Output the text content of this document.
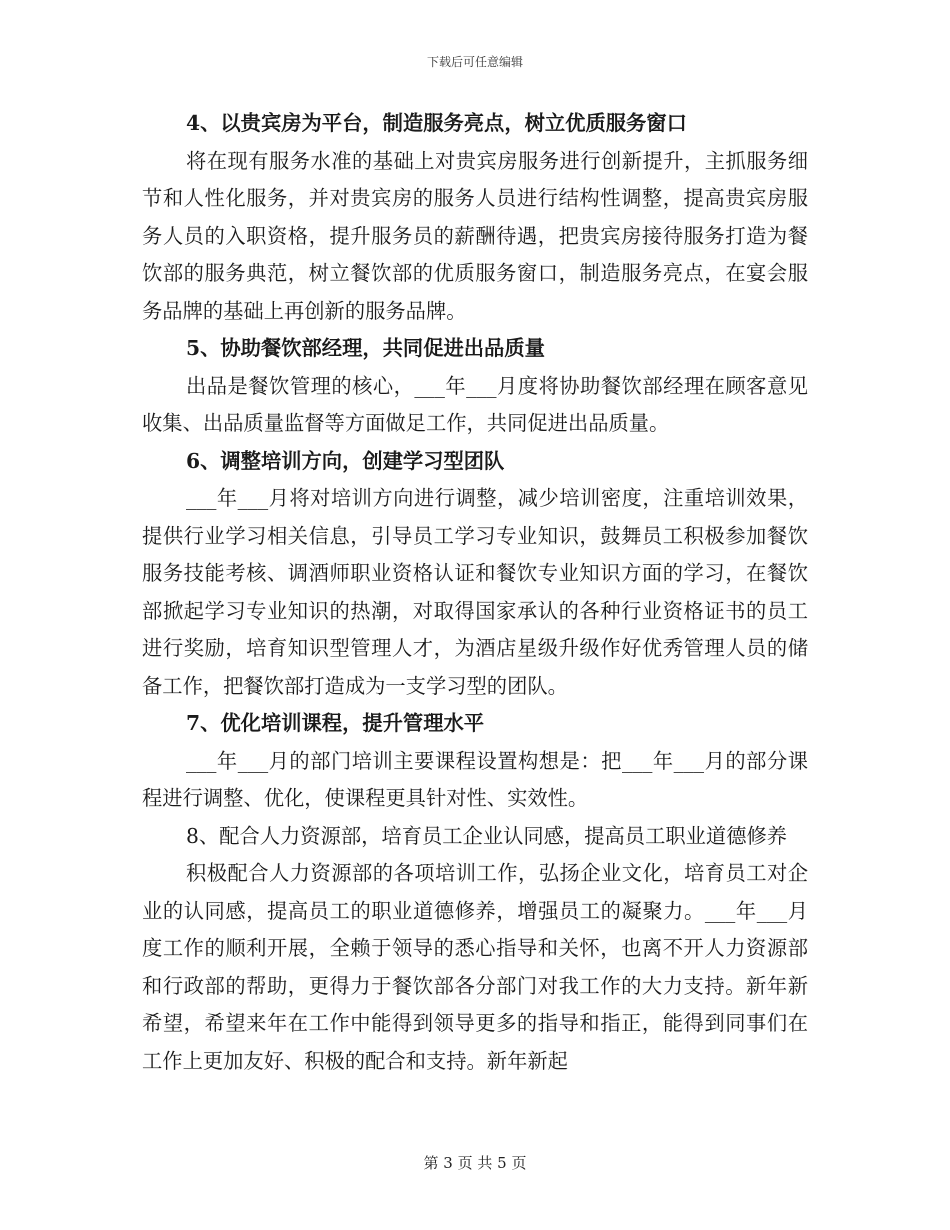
下载后可任意编辑

4、以贵宾房为平台，制造服务亮点，树立优质服务窗口

将在现有服务水准的基础上对贵宾房服务进行创新提升，主抓服务细节和人性化服务，并对贵宾房的服务人员进行结构性调整，提高贵宾房服务人员的入职资格，提升服务员的薪酬待遇，把贵宾房接待服务打造为餐饮部的服务典范，树立餐饮部的优质服务窗口，制造服务亮点，在宴会服务品牌的基础上再创新的服务品牌。

5、协助餐饮部经理，共同促进出品质量

出品是餐饮管理的核心，___年___月度将协助餐饮部经理在顾客意见收集、出品质量监督等方面做足工作，共同促进出品质量。

6、调整培训方向，创建学习型团队

___年___月将对培训方向进行调整，减少培训密度，注重培训效果，提供行业学习相关信息，引导员工学习专业知识，鼓舞员工积极参加餐饮服务技能考核、调酒师职业资格认证和餐饮专业知识方面的学习，在餐饮部掀起学习专业知识的热潮，对取得国家承认的各种行业资格证书的员工进行奖励，培育知识型管理人才，为酒店星级升级作好优秀管理人员的储备工作，把餐饮部打造成为一支学习型的团队。

7、优化培训课程，提升管理水平

___年___月的部门培训主要课程设置构想是：把___年___月的部分课程进行调整、优化，使课程更具针对性、实效性。

8、配合人力资源部，培育员工企业认同感，提高员工职业道德修养

积极配合人力资源部的各项培训工作，弘扬企业文化，培育员工对企业的认同感，提高员工的职业道德修养，增强员工的凝聚力。___年___月度工作的顺利开展，全赖于领导的悉心指导和关怀，也离不开人力资源部和行政部的帮助，更得力于餐饮部各分部门对我工作的大力支持。新年新希望，希望来年在工作中能得到领导更多的指导和指正，能得到同事们在工作上更加友好、积极的配合和支持。新年新起

第 3 页 共 5 页
